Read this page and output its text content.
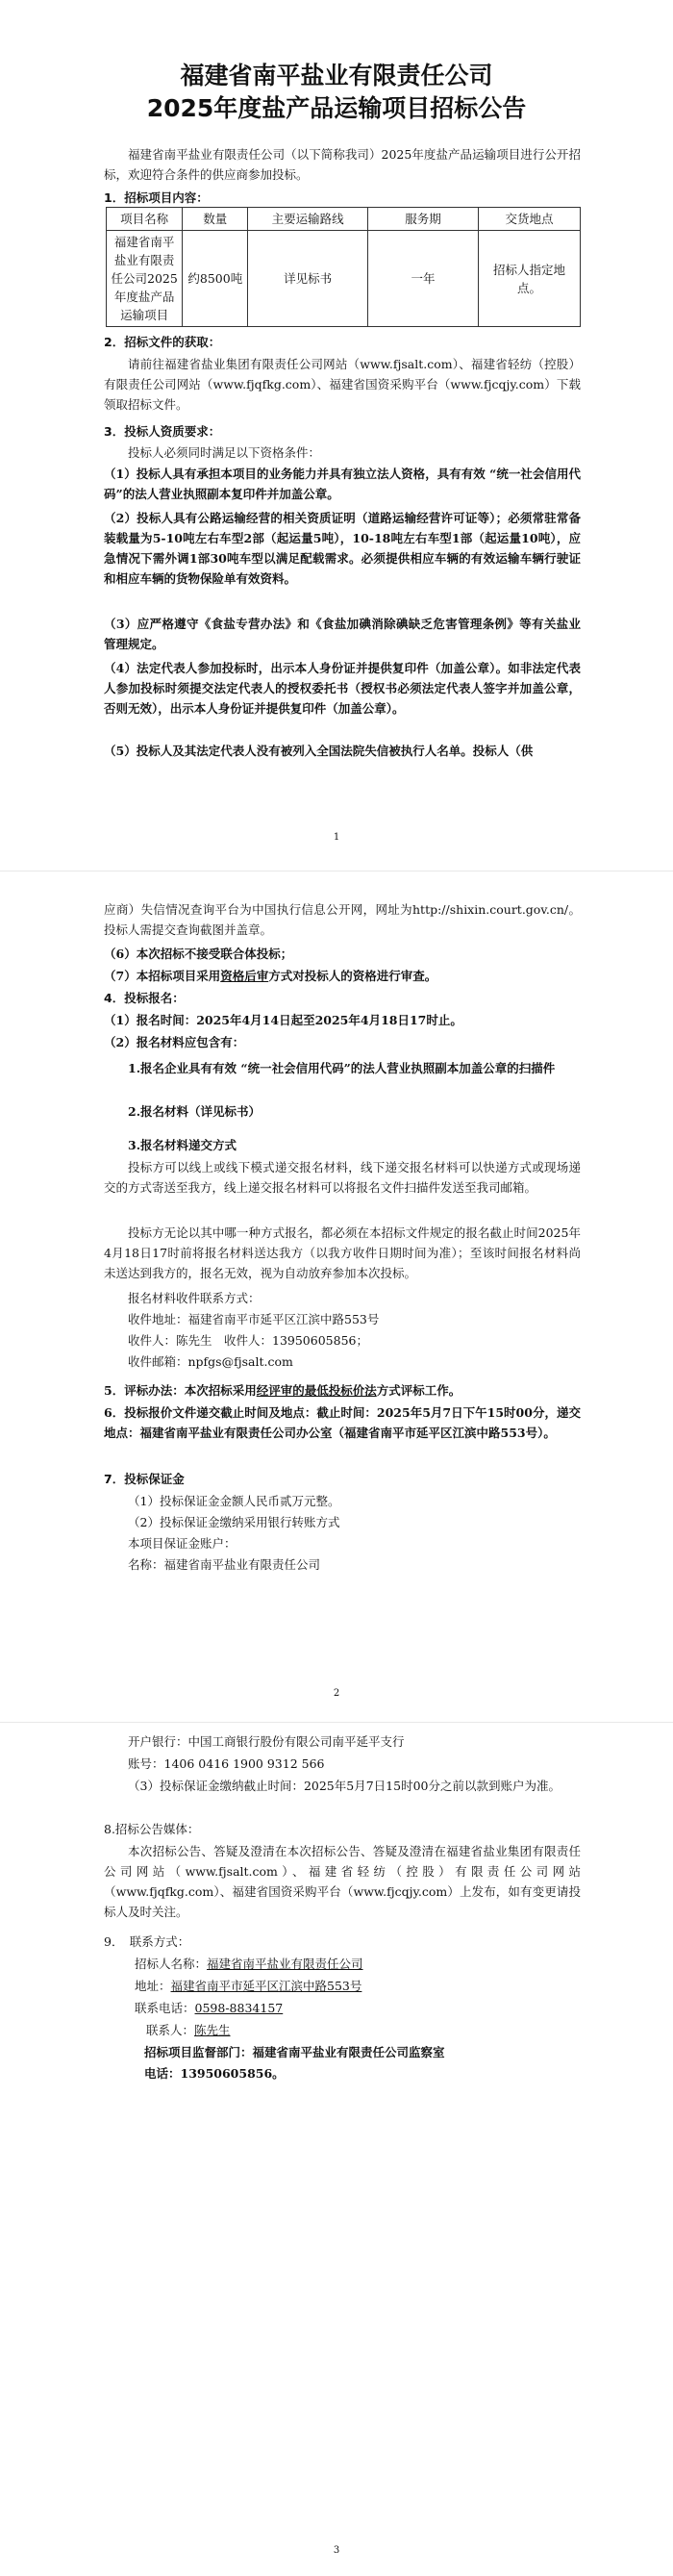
福建省南平盐业有限责任公司
2025年度盐产品运输项目招标公告
福建省南平盐业有限责任公司（以下简称我司）2025年度盐产品运输项目进行公开招标，欢迎符合条件的供应商参加投标。
1．招标项目内容：
项目名称	数量	主要运输路线	服务期	交货地点
福建省南平盐业有限责任公司2025年度盐产品运输项目	约8500吨	详见标书	一年	招标人指定地点。
2．招标文件的获取：
请前往福建省盐业集团有限责任公司网站（www.fjsalt.com）、福建省轻纺（控股）有限责任公司网站（www.fjqfkg.com）、福建省国资采购平台（www.fjcqjy.com）下载领取招标文件。
3．投标人资质要求：
投标人必须同时满足以下资格条件：
（1）投标人具有承担本项目的业务能力并具有独立法人资格，具有有效 “统一社会信用代码”的法人营业执照副本复印件并加盖公章。
（2）投标人具有公路运输经营的相关资质证明（道路运输经营许可证等）；必须常驻常备装载量为5-10吨左右车型2部（起运量5吨），10-18吨左右车型1部（起运量10吨），应急情况下需外调1部30吨车型以满足配载需求。必须提供相应车辆的有效运输车辆行驶证和相应车辆的货物保险单有效资料。
（3）应严格遵守《食盐专营办法》和《食盐加碘消除碘缺乏危害管理条例》等有关盐业管理规定。
（4）法定代表人参加投标时，出示本人身份证并提供复印件（加盖公章）。如非法定代表人参加投标时须提交法定代表人的授权委托书（授权书必须法定代表人签字并加盖公章，否则无效），出示本人身份证并提供复印件（加盖公章）。
（5）投标人及其法定代表人没有被列入全国法院失信被执行人名单。投标人（供
1
应商）失信情况查询平台为中国执行信息公开网，网址为http://shixin.court.gov.cn/。投标人需提交查询截图并盖章。
（6）本次招标不接受联合体投标；
（7）本招标项目采用资格后审方式对投标人的资格进行审查。
4．投标报名：
（1）报名时间：2025年4月14日起至2025年4月18日17时止。
（2）报名材料应包含有：
1.报名企业具有有效 “统一社会信用代码”的法人营业执照副本加盖公章的扫描件
2.报名材料（详见标书）
3.报名材料递交方式
投标方可以线上或线下模式递交报名材料，线下递交报名材料可以快递方式或现场递交的方式寄送至我方，线上递交报名材料可以将报名文件扫描件发送至我司邮箱。
投标方无论以其中哪一种方式报名，都必须在本招标文件规定的报名截止时间2025年4月18日17时前将报名材料送达我方（以我方收件日期时间为准）；至该时间报名材料尚未送达到我方的，报名无效，视为自动放弃参加本次投标。
报名材料收件联系方式：
收件地址：福建省南平市延平区江滨中路553号
收件人：陈先生　收件人：13950605856；
收件邮箱：npfgs@fjsalt.com
5．评标办法：本次招标采用经评审的最低投标价法方式评标工作。
6．投标报价文件递交截止时间及地点：截止时间：2025年5月7日下午15时00分，递交地点：福建省南平盐业有限责任公司办公室（福建省南平市延平区江滨中路553号）。
7．投标保证金
（1）投标保证金金额人民币贰万元整。
（2）投标保证金缴纳采用银行转账方式
本项目保证金账户：
名称：福建省南平盐业有限责任公司
2
开户银行：中国工商银行股份有限公司南平延平支行
账号：1406 0416 1900 9312 566
（3）投标保证金缴纳截止时间：2025年5月7日15时00分之前以款到账户为准。
8.招标公告媒体：
本次招标公告、答疑及澄清在本次招标公告、答疑及澄清在福建省盐业集团有限责任公司网站（www.fjsalt.com）、福建省轻纺（控股）有限责任公司网站（www.fjqfkg.com）、福建省国资采购平台（www.fjcqjy.com）上发布，如有变更请投标人及时关注。
9．　联系方式：
招标人名称：福建省南平盐业有限责任公司
地址：福建省南平市延平区江滨中路553号
联系电话：0598-8834157
联系人：陈先生
招标项目监督部门：福建省南平盐业有限责任公司监察室
电话：13950605856。
3
